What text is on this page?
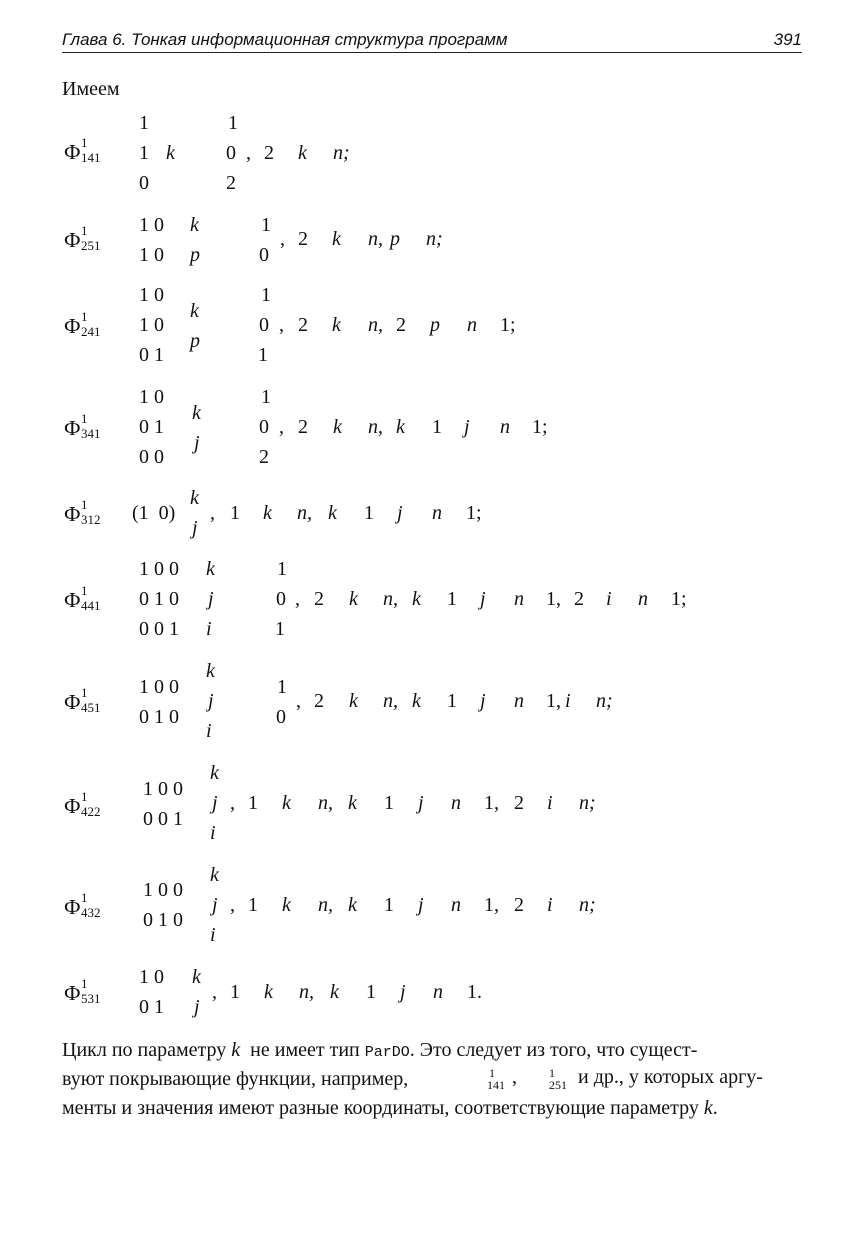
Глава 6. Тонкая информационная структура программ	391
Имеем
Ф 1
141
1
1
0
k
1
0
2
, 2 k n;
Ф 1
251
1 0
1 0
k
p
1
0
, 2 k n, p n;
Ф 1
241
1 0
1 0
0 1
k
p
1
0
1
, 2 k n, 2 p n 1;
Ф 1
341
1 0
0 1
0 0
k
j
1
0
2
, 2 k n, k 1 j n 1;
Ф 1
312 (1  0)
k
j
, 1 k n, k 1 j n 1;
Ф 1
441
1 0 0
0 1 0
0 0 1
k
j
i
1
0
1
, 2 k n, k 1 j n 1, 2 i n 1;
Ф 1
451
1 0 0
0 1 0
k
j
i
1
0
, 2 k n, k 1 j n 1, i n;
Ф 1
422
1 0 0
0 0 1
k
j
i
, 1 k n, k 1 j n 1, 2 i n;
Ф 1
432
1 0 0
0 1 0
k
j
i
, 1 k n, k 1 j n 1, 2 i n;
Ф 1
531
1 0
0 1
k
j
, 1 k n, k 1 j n 1.
Цикл по параметру k  не имеет тип ParDO. Это следует из того, что сущест-
вуют покрывающие функции, например,	1
141 ,	1
251 и др., у которых аргу-
менты и значения имеют разные координаты, соответствующие параметру k.
